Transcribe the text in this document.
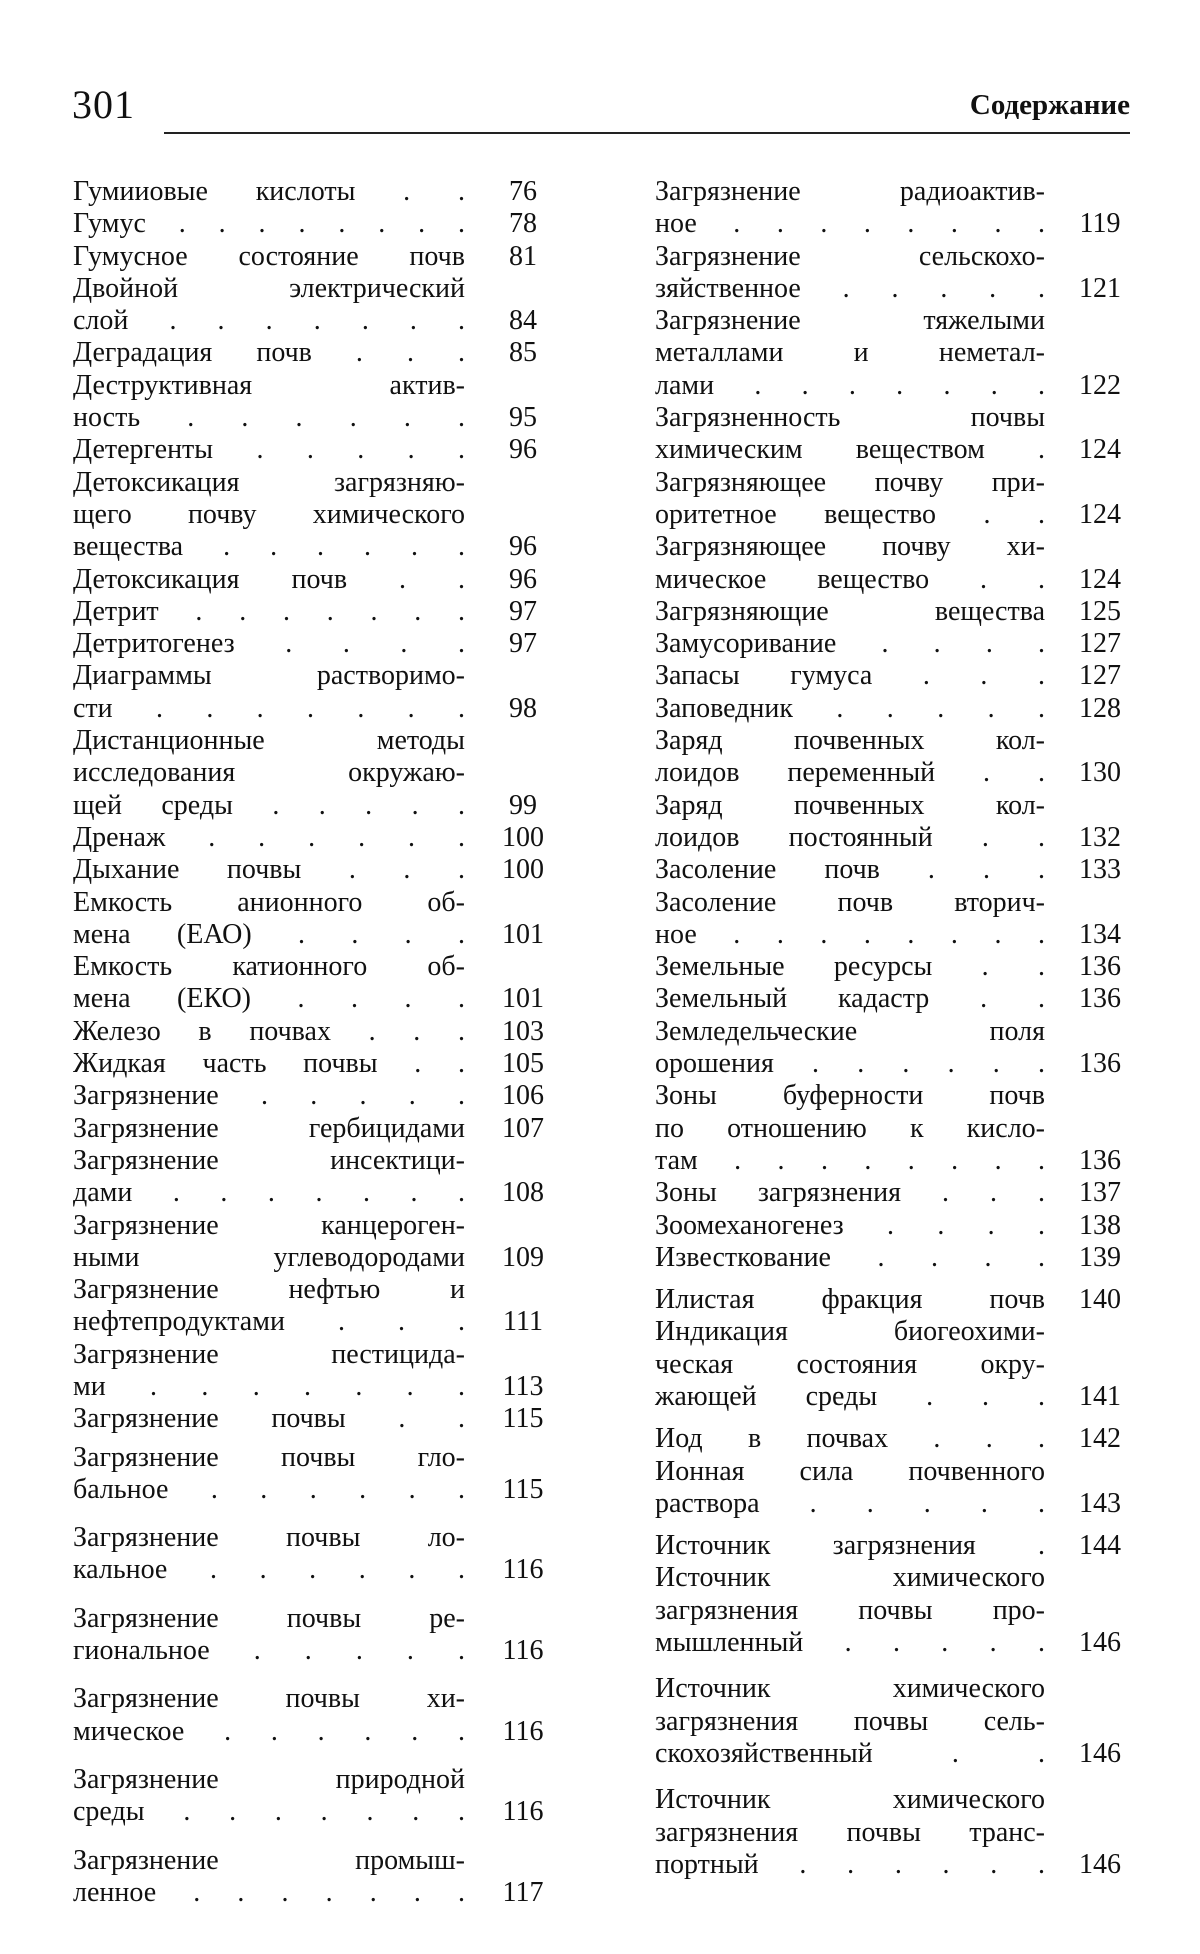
301	Содержание
Гумииовые кислоты . .	76
Гумус . . . . . . . .	78
Гумусное состояние почв	81
Двойной электрический
слой . . . . . . .	84
Деградация почв . . .	85
Деструктивная актив-
ность . . . . . .	95
Детергенты . . . . .	96
Детоксикация загрязняю-
щего почву химического
вещества . . . . . .	96
Детоксикация почв . .	96
Детрит . . . . . . .	97
Детритогенез . . . .	97
Диаграммы растворимо-
сти . . . . . . .	98
Дистанционные методы
исследования окружаю-
щей среды . . . . .	99
Дренаж . . . . . .	100
Дыхание почвы . . .	100
Емкость анионного об-
мена (ЕАО) . . . .	101
Емкость катионного об-
мена (ЕКО) . . . .	101
Железо в почвах . . .	103
Жидкая часть почвы . .	105
Загрязнение . . . . .	106
Загрязнение гербицидами	107
Загрязнение инсектици-
дами . . . . . . .	108
Загрязнение канцероген-
ными углеводородами	109
Загрязнение нефтью и
нефтепродуктами . . .	111
Загрязнение пестицида-
ми . . . . . . .	113
Загрязнение почвы . .	115
Загрязнение почвы гло-
бальное . . . . . .	115
Загрязнение почвы ло-
кальное . . . . . .	116
Загрязнение почвы ре-
гиональное . . . . .	116
Загрязнение почвы хи-
мическое . . . . . .	116
Загрязнение природной
среды . . . . . . .	116
Загрязнение промыш-
ленное . . . . . . .	117
Загрязнение радиоактив-
ное . . . . . . . .	119
Загрязнение сельскохо-
зяйственное . . . . .	121
Загрязнение тяжелыми
металлами и неметал-
лами . . . . . . .	122
Загрязненность почвы
химическим веществом .	124
Загрязняющее почву при-
оритетное вещество . .	124
Загрязняющее почву хи-
мическое вещество . .	124
Загрязняющие вещества	125
Замусоривание . . . .	127
Запасы гумуса . . .	127
Заповедник . . . . .	128
Заряд почвенных кол-
лоидов переменный . .	130
Заряд почвенных кол-
лоидов постоянный . .	132
Засоление почв . . .	133
Засоление почв вторич-
ное . . . . . . . .	134
Земельные ресурсы . .	136
Земельный кадастр . .	136
Земледельческие поля
орошения . . . . . .	136
Зоны буферности почв
по отношению к кисло-
там . . . . . . . .	136
Зоны загрязнения . . .	137
Зоомеханогенез . . . .	138
Известкование . . . .	139
Илистая фракция почв	140
Индикация биогеохими-
ческая состояния окру-
жающей среды . . .	141
Иод в почвах . . .	142
Ионная сила почвенного
раствора . . . . .	143
Источник загрязнения .	144
Источник химического
загрязнения почвы про-
мышленный . . . . .	146
Источник химического
загрязнения почвы сель-
скохозяйственный . .	146
Источник химического
загрязнения почвы транс-
портный . . . . . .	146
